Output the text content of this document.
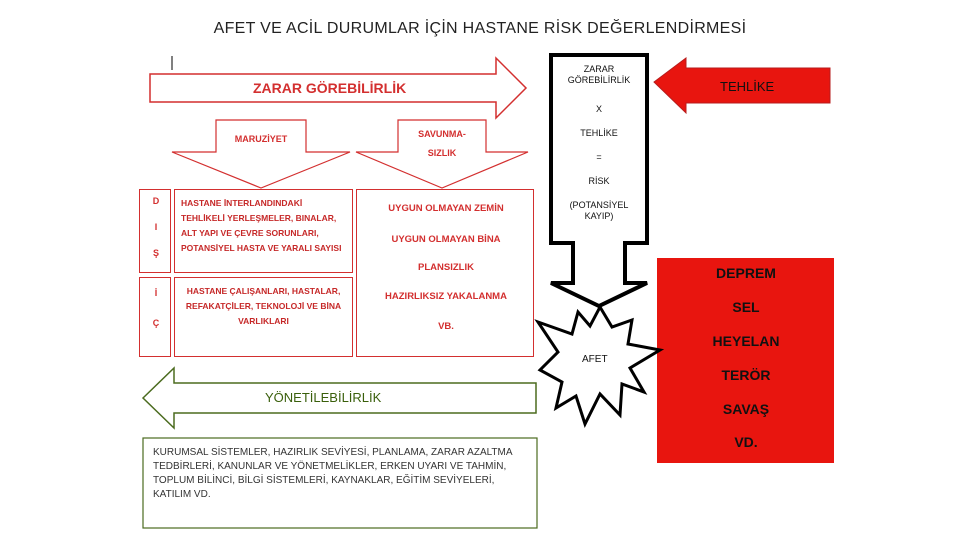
AFET VE ACİL DURUMLAR İÇİN HASTANE RİSK DEĞERLENDİRMESİ
ZARAR GÖREBİLİRLİK
MARUZİYET	SAVUNMA-
SIZLIK
D
I
Ş
İ
Ç
HASTANE İNTERLANDINDAKİ TEHLİKELİ YERLEŞMELER, BINALAR, ALT YAPI VE ÇEVRE SORUNLARI, POTANSİYEL HASTA VE YARALI SAYISI
HASTANE ÇALIŞANLARI, HASTALAR, REFAKATÇİLER, TEKNOLOJİ VE BİNA VARLIKLARI
UYGUN OLMAYAN ZEMİN
UYGUN OLMAYAN BİNA
PLANSIZLIK
HAZIRLIKSIZ YAKALANMA
VB.
ZARAR GÖREBİLİRLİK
X
TEHLİKE
=
RİSK
(POTANSİYEL KAYIP)
TEHLİKE
DEPREM
SEL
HEYELAN
TERÖR
SAVAŞ
VD.
AFET
YÖNETİLEBİLİRLİK
KURUMSAL SİSTEMLER, HAZIRLIK SEVİYESİ, PLANLAMA, ZARAR AZALTMA TEDBİRLERİ, KANUNLAR VE YÖNETMELİKLER, ERKEN UYARI VE TAHMİN, TOPLUM BİLİNCİ, BİLGİ SİSTEMLERİ, KAYNAKLAR, EĞİTİM SEVİYELERİ, KATILIM VD.
